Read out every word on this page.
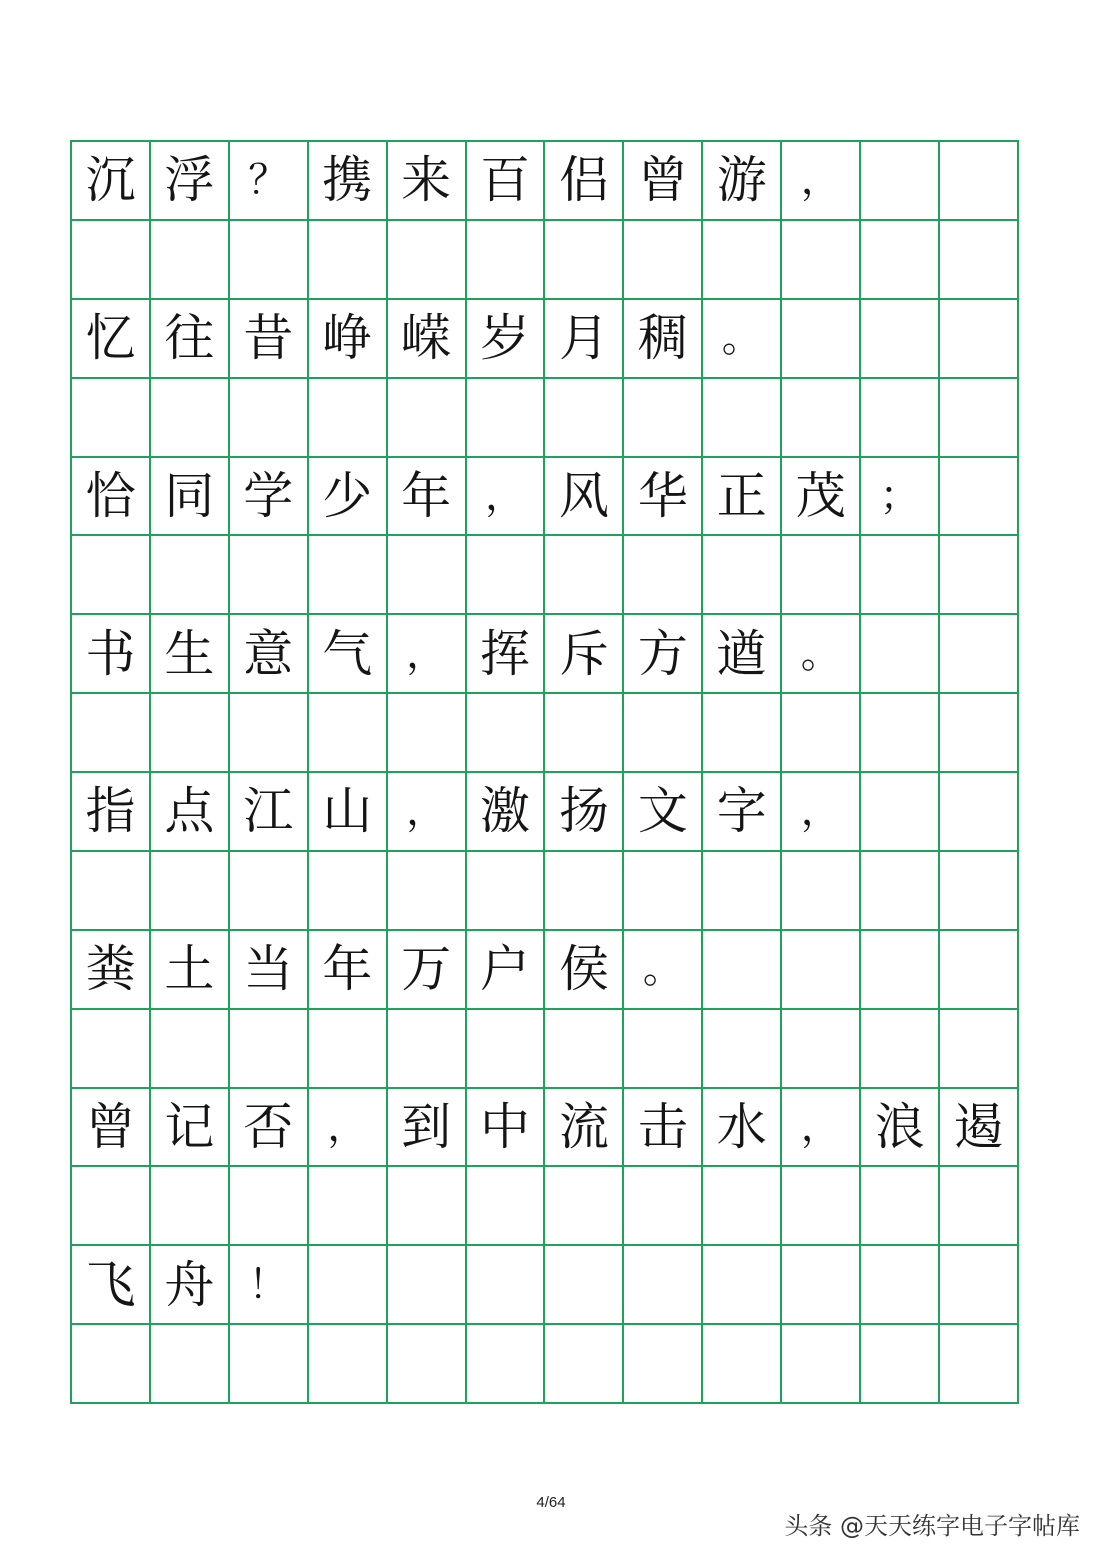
沉 浮 ？ 携 来 百 侣 曾 游 ，
忆 往 昔 峥 嵘 岁 月 稠 。
恰 同 学 少 年 ， 风 华 正 茂 ；
书 生 意 气 ， 挥 斥 方 遒 。
指 点 江 山 ， 激 扬 文 字 ，
粪 土 当 年 万 户 侯 。
曾 记 否 ， 到 中 流 击 水 ， 浪 遏
飞 舟 ！
4/64
头条 @天天练字电子字帖库
